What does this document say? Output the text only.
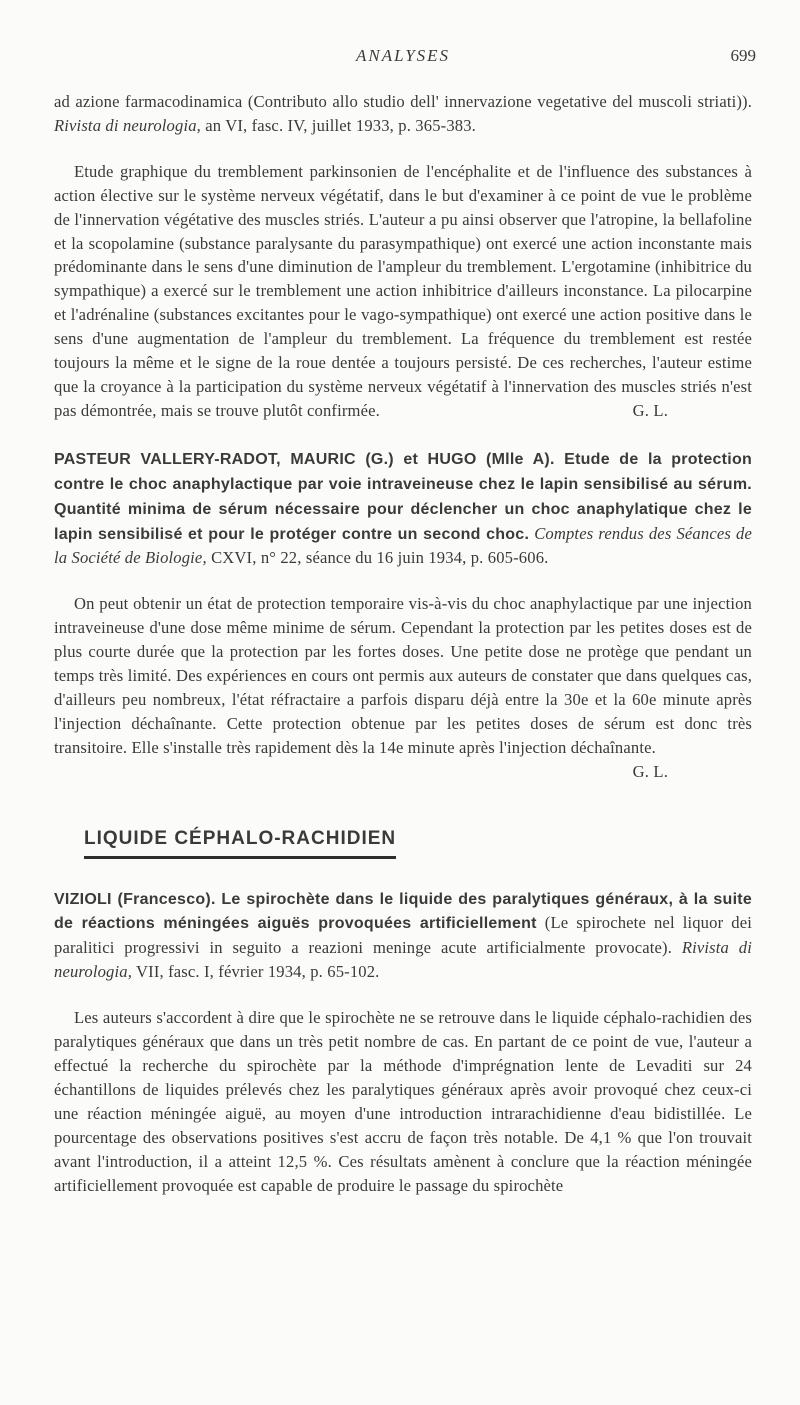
ANALYSES	699

ad azione farmacodinamica (Contributo allo studio dell' innervazione vegetative del muscoli striati)). Rivista di neurologia, an VI, fasc. IV, juillet 1933, p. 365-383.

Etude graphique du tremblement parkinsonien de l'encéphalite et de l'influence des substances à action élective sur le système nerveux végétatif, dans le but d'examiner à ce point de vue le problème de l'innervation végétative des muscles striés. L'auteur a pu ainsi observer que l'atropine, la bellafoline et la scopolamine (substance paralysante du parasympathique) ont exercé une action inconstante mais prédominante dans le sens d'une diminution de l'ampleur du tremblement. L'ergotamine (inhibitrice du sympathique) a exercé sur le tremblement une action inhibitrice d'ailleurs inconstance. La pilocarpine et l'adrénaline (substances excitantes pour le vago-sympathique) ont exercé une action positive dans le sens d'une augmentation de l'ampleur du tremblement. La fréquence du tremblement est restée toujours la même et le signe de la roue dentée a toujours persisté. De ces recherches, l'auteur estime que la croyance à la participation du système nerveux végétatif à l'innervation des muscles striés n'est pas démontrée, mais se trouve plutôt confirmée.	G. L.

PASTEUR VALLERY-RADOT, MAURIC (G.) et HUGO (Mlle A). Etude de la protection contre le choc anaphylactique par voie intraveineuse chez le lapin sensibilisé au sérum. Quantité minima de sérum nécessaire pour déclencher un choc anaphylatique chez le lapin sensibilisé et pour le protéger contre un second choc. Comptes rendus des Séances de la Société de Biologie, CXVI, n° 22, séance du 16 juin 1934, p. 605-606.

On peut obtenir un état de protection temporaire vis-à-vis du choc anaphylactique par une injection intraveineuse d'une dose même minime de sérum. Cependant la protection par les petites doses est de plus courte durée que la protection par les fortes doses. Une petite dose ne protège que pendant un temps très limité. Des expériences en cours ont permis aux auteurs de constater que dans quelques cas, d'ailleurs peu nombreux, l'état réfractaire a parfois disparu déjà entre la 30e et la 60e minute après l'injection déchaînante. Cette protection obtenue par les petites doses de sérum est donc très transitoire. Elle s'installe très rapidement dès la 14e minute après l'injection déchaînante.
G. L.

LIQUIDE CÉPHALO-RACHIDIEN

VIZIOLI (Francesco). Le spirochète dans le liquide des paralytiques généraux, à la suite de réactions méningées aiguës provoquées artificiellement (Le spirochete nel liquor dei paralitici progressivi in seguito a reazioni meninge acute artificialmente provocate). Rivista di neurologia, VII, fasc. I, février 1934, p. 65-102.

Les auteurs s'accordent à dire que le spirochète ne se retrouve dans le liquide céphalo-rachidien des paralytiques généraux que dans un très petit nombre de cas. En partant de ce point de vue, l'auteur a effectué la recherche du spirochète par la méthode d'imprégnation lente de Levaditi sur 24 échantillons de liquides prélevés chez les paralytiques généraux après avoir provoqué chez ceux-ci une réaction méningée aiguë, au moyen d'une introduction intrarachidienne d'eau bidistillée. Le pourcentage des observations positives s'est accru de façon très notable. De 4,1 % que l'on trouvait avant l'introduction, il a atteint 12,5 %. Ces résultats amènent à conclure que la réaction méningée artificiellement provoquée est capable de produire le passage du spirochète
